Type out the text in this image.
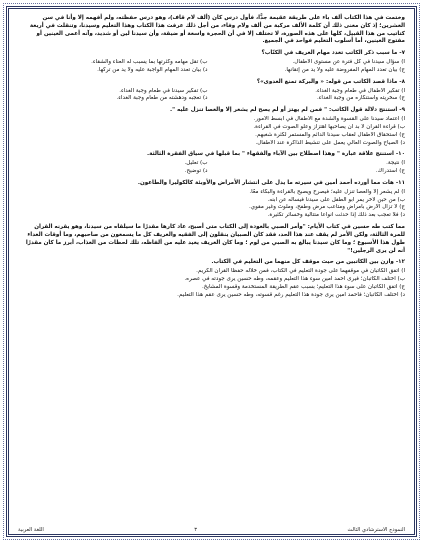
وختمت في هذا الكتاب ألف باء على طريقة عقيمة جدًّا، فأول درس كان (ألف لام قاف)، وهو درس حفظته، ولم أفهمه إلا وأنا في سن العشرين؛ إذ كان معنى ذلك أن كلمة الألف مركبة من ألف ولام وفاء، من أجل ذلك عرفت هذا الكتاب وهذا التعليم وسيدنا، وتنقلت في أربعة كتاتيب من هذا القبيل، كلها على هذه الصورة، لا تختلف إلا في أن الحجرة واسعة أو ضيقة، وأن سيدنا لين أو شديد، وآنه أعمى العينين أو مفتوح العينين، أما أسلوب التعليم فواحد في الجميع.

٧- ما سبب ذكر الكاتب تعدد مهام العريف في الكتّاب؟

أ) سؤال سيدنا في كل فترة عن مستوى الأطفال.
ب) تقل مهامه وكثرتها بما يسبب له العناء والشقاء.
ج) بيان تعدد المهام المفروضة عليه ولا يد من إتقانها.
د) بيان تعدد المهام الواجبة عليه ولا يد من تركها.

٨- ماذا قصد الكاتب من قوله: « والبركة تمنع العدوى»؟

أ) تفكير الأطفال في طعام وجبة الغداء.
ب) تفكير سيدنا في طعام وجبة الغداء.
ج) سخريته واستنكاره من وجبة الغداء.
د) تعجبه ودهشته من طعام وجبة الغداء.

٩- استنتج دلالة قول الكاتب: " فمن لم يهتز أو لم يصح لم يشعر إلا والعصا تنزل عليه ".

أ) اعتماد سيدنا على القسوة والشدة مع الأطفال في أبسط الأمور.
ب) قراءة القرآن لا بد أن يصاحبها اهتزاز وعلو الصوت في القراءة.
ج) استحقاق الأطفال لعقاب سيدنا الدائم والمستمر لكثرة شغبهم.
د) الصياح والصوت العالي يعمل على تنشيط الذاكرة عند الأطفال.

١٠- استنتج علاقة عبارة " وهذا اصطلاح بين الآباء والفقهاء " بما قبلها في سياق الفقرة الثالثة.

أ) نتيجة.
ب) تعليل.
ج) استدراك.
د) توضيح.

١١- هات مما أورده أحمد أمين في سيرته ما يدل على انتشار الأمراض والأوبئة كالكوليرا والطاعون.

أ) لم يشعر إلا والعصا تنزل عليه؛ فيصرخ ويصيح بالقراءة والبكاء معًا.
ب) من حين لآخر يمر أبو الطفل على سيدنا فيسأله عن ابنه.
ج) لا تزال الأرض بأمراض ومتاعب مرض وطفح، وملوث وغير مقوي.
د) فلا تعجب بعد ذلك إذا حدثت أنواعا متتالية وخسائر تكثيرة.

مما كتب طه حسين في كتاب الأيام: "وأمر الصبي بالعودة إلى الكتاب متى أصبح، عاد كارها مقدرًا ما سيلقاه من سيدنا، وهو يقرنه القران للمرة الثالثة، ولكن الأمر لم يقف عند هذا الحد، فقد كان الصبيان ينقلون إلى الفقيه والعريف كل ما يسمعون من صاحبهم، وما أوقات الغداء طول هذا الأسبوع ؛ وما كان سيدنا يبالغ به الصبي من لوم ؛ وما كان العريف يعيد عليه من ألفاظه، تلك لحظات من العذاب، أبرز ما كان مقدرًا أنه لن يرى الرجلين!"

١٢- وازن بين الكاتبين من حيث موقف كل منهما من التعليم في الكتاب.

أ) اتفق الكاتبان في موقفهما على جودة التعليم في الكتاب، فمن خلاله حفظا القرآن الكريم.
ب) اختلف الكاتبان؛ فيرى أحمد أمين سوء هذا التعليم وعقمه، وطه حسين يرى جودته في عصره.
ج) اتفق الكاتبان على سوء هذا التعليم؛ بسبب عقم الطريقة المستخدمة وقسوة المشايخ.
د) اختلف الكاتبان؛ فأحمد أمين يرى جودة هذا التعليم رغم قسوته، وطه حسين يرى عقم هذا التعليم.
النموذج الاسترشادي الثالث
٣
اللغة العربية
